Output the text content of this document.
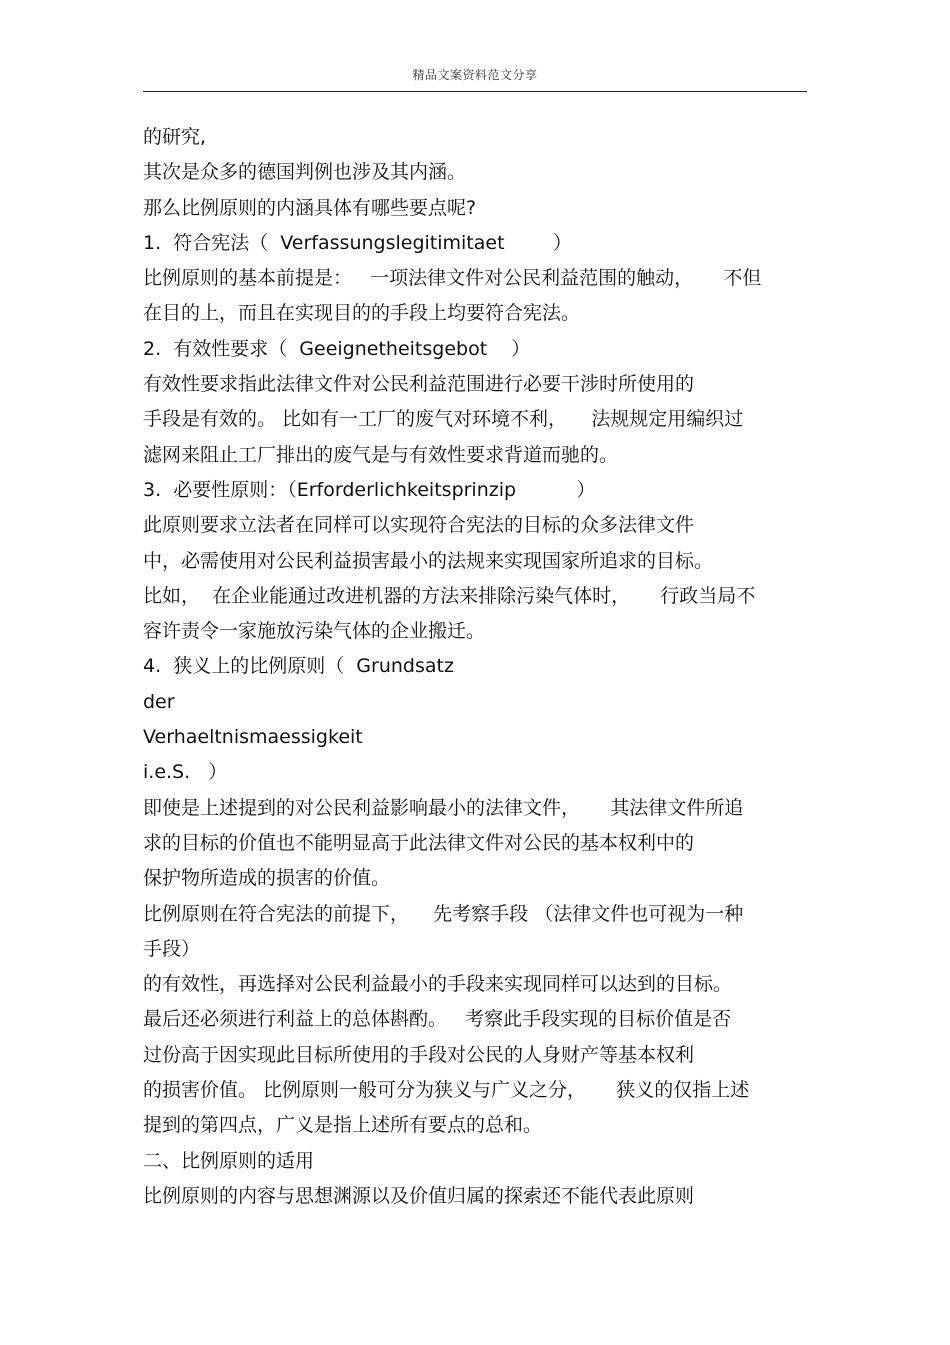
精品文案资料范文分享
的研究,
其次是众多的德国判例也涉及其内涵。
那么比例原则的内涵具体有哪些要点呢?
1.  符合宪法（  Verfassungslegitimitaet        ）
比例原则的基本前提是：   一项法律文件对公民利益范围的触动，     不但
在目的上，而且在实现目的的手段上均要符合宪法。
2.  有效性要求（  Geeignetheitsgebot    ）
有效性要求指此法律文件对公民利益范围进行必要干涉时所使用的
手段是有效的。 比如有一工厂的废气对环境不利，    法规规定用编织过
滤网来阻止工厂排出的废气是与有效性要求背道而驰的。
3.  必要性原则：（Erforderlichkeitsprinzip          ）
此原则要求立法者在同样可以实现符合宪法的目标的众多法律文件
中，必需使用对公民利益损害最小的法规来实现国家所追求的目标。
比如，  在企业能通过改进机器的方法来排除污染气体时，     行政当局不
容许责令一家施放污染气体的企业搬迁。
4.  狭义上的比例原则（  Grundsatz
der
Verhaeltnismaessigkeit
i.e.S.   ）
即使是上述提到的对公民利益影响最小的法律文件，     其法律文件所追
求的目标的价值也不能明显高于此法律文件对公民的基本权利中的
保护物所造成的损害的价值。
比例原则在符合宪法的前提下，    先考察手段 （法律文件也可视为一种
手段）
的有效性，再选择对公民利益最小的手段来实现同样可以达到的目标。
最后还必须进行利益上的总体斟酌。   考察此手段实现的目标价值是否
过份高于因实现此目标所使用的手段对公民的人身财产等基本权利
的损害价值。 比例原则一般可分为狭义与广义之分，     狭义的仅指上述
提到的第四点，广义是指上述所有要点的总和。
二、比例原则的适用
比例原则的内容与思想渊源以及价值归属的探索还不能代表此原则
